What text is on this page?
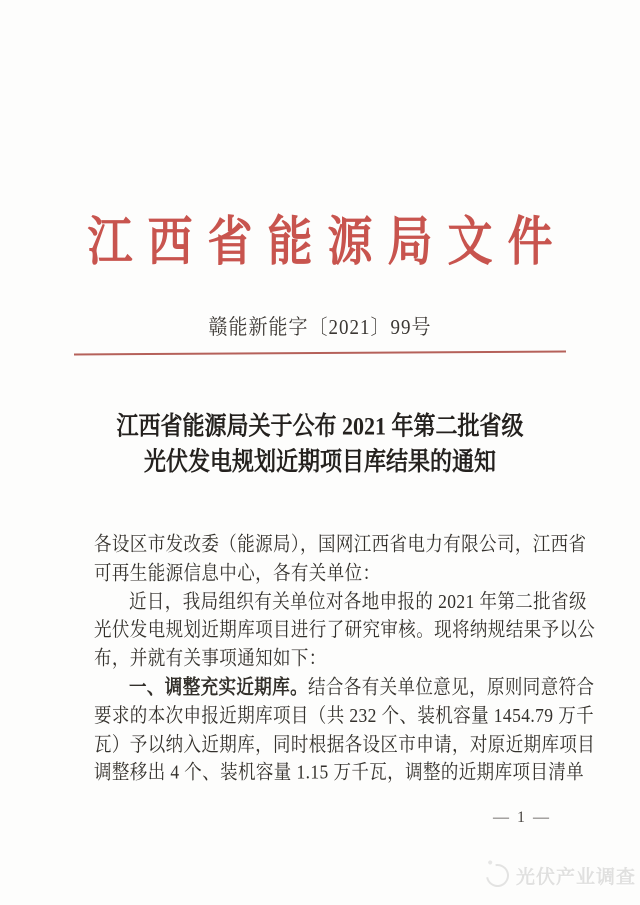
江西省能源局文件
赣能新能字〔2021〕99号
江西省能源局关于公布 2021 年第二批省级
光伏发电规划近期项目库结果的通知
各设区市发改委（能源局），国网江西省电力有限公司，江西省
可再生能源信息中心，各有关单位：
近日，我局组织有关单位对各地申报的 2021 年第二批省级
光伏发电规划近期库项目进行了研究审核。现将纳规结果予以公
布，并就有关事项通知如下：
一、调整充实近期库。结合各有关单位意见，原则同意符合
要求的本次申报近期库项目（共 232 个、装机容量 1454.79 万千
瓦）予以纳入近期库，同时根据各设区市申请，对原近期库项目
调整移出 4 个、装机容量 1.15 万千瓦，调整的近期库项目清单
— 1 —
光伏产业调查
